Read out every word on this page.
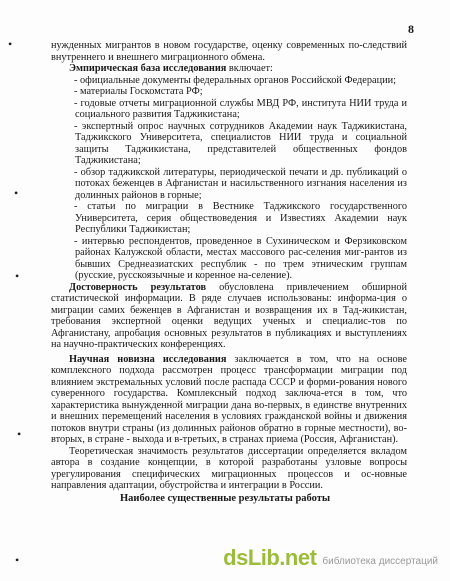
8

нужденных мигрантов в новом государстве, оценку современных по-следствий внутреннего и внешнего миграционного обмена.

Эмпирическая база исследования включает:

- официальные документы федеральных органов Российской Федерации;

- материалы Госкомстата РФ;

- годовые отчеты миграционной службы МВД РФ, института НИИ труда и социального развития Таджикистана;

- экспертный опрос научных сотрудников Академии наук Таджикистана, Таджикского Университета, специалистов НИИ труда и социальной защиты Таджикистана, представителей общественных фондов Таджикистана;

- обзор таджикской литературы, периодической печати и др. публикаций о потоках беженцев в Афганистан и насильственного изгнания населения из долинных районов в горные;

- статьи по миграции в Вестнике Таджикского государственного Университета, серия обществоведения и Известиях Академии наук Республики Таджикистан;

- интервью респондентов, проведенное в Сухиническом и Ферзиковском районах Калужской области, местах массового рас-селения миг-рантов из бывших Среднеазиатских республик - по трем этническим группам (русские, русскоязычные и коренное на-селение).

Достоверность результатов обусловлена привлечением обширной статистической информации. В ряде случаев использованы: информа-ция о миграции самих беженцев в Афганистан и возвращения их в Тад-жикистан, требования экспертной оценки ведущих ученых и специалис-тов по Афганистану, апробация основных результатов в публикациях и выступлениях на научно-практических конференциях.

Научная новизна исследования заключается в том, что на основе комплексного подхода рассмотрен процесс трансформации миграции под влиянием экстремальных условий после распада СССР и форми-рования нового суверенного государства. Комплексный подход заключа-ется в том, что характеристика вынужденной миграции дана во-первых, в единстве внутренних и внешних перемещений населения в условиях гражданской войны и движения потоков внутри страны (из долинных районов обратно в горные местности), во-вторых, в стране - выхода и в-третьих, в странах приема (Россия, Афганистан).

Теоретическая значимость результатов диссертации определяется вкладом автора в создание концепции, в которой разработаны узловые вопросы урегулирования специфических миграционных процессов и ос-новные направления адаптации, обустройства и интеграции в России.

Наиболее существенные результаты работы
•
•
•
•
•	dsLib.net библиотека диссертаций
